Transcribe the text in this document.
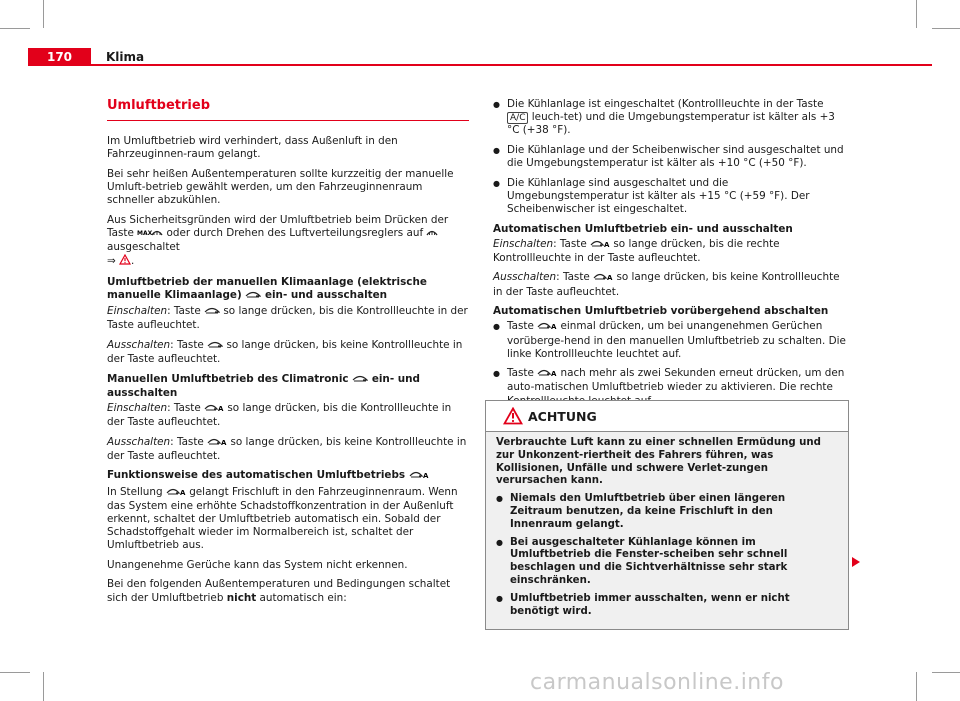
170	Klima
Umluftbetrieb

Im Umluftbetrieb wird verhindert, dass Außenluft in den Fahrzeuginnen-raum gelangt.

Bei sehr heißen Außentemperaturen sollte kurzzeitig der manuelle Umluft-betrieb gewählt werden, um den Fahrzeuginnenraum schneller abzukühlen.

Aus Sicherheitsgründen wird der Umluftbetrieb beim Drücken der Taste MAX oder durch Drehen des Luftverteilungsreglers auf  ausgeschaltet
⇒ .

Umluftbetrieb der manuellen Klimaanlage (elektrische manuelle Klimaanlage) ein- und ausschalten

Einschalten: Taste so lange drücken, bis die Kontrollleuchte in der Taste aufleuchtet.

Ausschalten: Taste so lange drücken, bis keine Kontrollleuchte in der Taste aufleuchtet.

Manuellen Umluftbetrieb des Climatronic ein- und ausschalten

Einschalten: Taste A so lange drücken, bis die Kontrollleuchte in der Taste aufleuchtet.

Ausschalten: Taste A so lange drücken, bis keine Kontrollleuchte in der Taste aufleuchtet.

Funktionsweise des automatischen Umluftbetriebs	A

In Stellung A gelangt Frischluft in den Fahrzeuginnenraum. Wenn das System eine erhöhte Schadstoffkonzentration in der Außenluft erkennt, schaltet der Umluftbetrieb automatisch ein. Sobald der Schadstoffgehalt wieder im Normalbereich ist, schaltet der Umluftbetrieb aus.

Unangenehme Gerüche kann das System nicht erkennen.

Bei den folgenden Außentemperaturen und Bedingungen schaltet sich der Umluftbetrieb nicht automatisch ein:

● Die Kühlanlage ist eingeschaltet (Kontrollleuchte in der Taste A/C leuch-tet) und die Umgebungstemperatur ist kälter als +3 °C (+38 °F).

● Die Kühlanlage und der Scheibenwischer sind ausgeschaltet und die Umgebungstemperatur ist kälter als +10 °C (+50 °F).

● Die Kühlanlage sind ausgeschaltet und die Umgebungstemperatur ist kälter als +15 °C (+59 °F). Der Scheibenwischer ist eingeschaltet.

Automatischen Umluftbetrieb ein- und ausschalten

Einschalten: Taste A so lange drücken, bis die rechte Kontrollleuchte in der Taste aufleuchtet.

Ausschalten: Taste A so lange drücken, bis keine Kontrollleuchte in der Taste aufleuchtet.

Automatischen Umluftbetrieb vorübergehend abschalten

● Taste A einmal drücken, um bei unangenehmen Gerüchen vorüberge-hend in den manuellen Umluftbetrieb zu schalten. Die linke Kontrollleuchte leuchtet auf.

● Taste A nach mehr als zwei Sekunden erneut drücken, um den auto-matischen Umluftbetrieb wieder zu aktivieren. Die rechte

ACHTUNG

Verbrauchte Luft kann zu einer schnellen Ermüdung und zur Unkonzent-riertheit des Fahrers führen, was Kollisionen, Unfälle und schwere Verlet-zungen verursachen kann.

● Niemals den Umluftbetrieb über einen längeren Zeitraum benutzen, da keine Frischluft in den Innenraum gelangt.

● Bei ausgeschalteter Kühlanlage können im Umluftbetrieb die Fenster-scheiben sehr schnell beschlagen und die Sichtverhältnisse sehr stark einschränken.

● Umluftbetrieb immer ausschalten, wenn er nicht benötigt wird.

carmanualsonline.info
